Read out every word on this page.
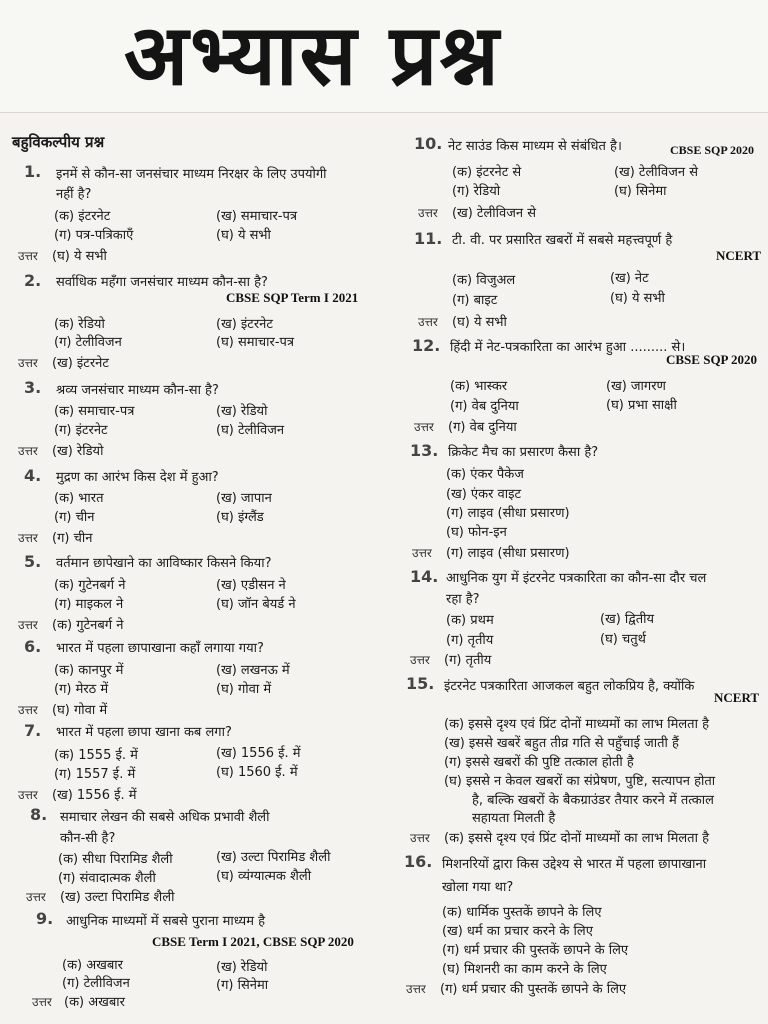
अभ्यास प्रश्न
बहुविकल्पीय प्रश्न
1. इनमें से कौन-सा जनसंचार माध्यम निरक्षर के लिए उपयोगी
नहीं है?
(क) इंटरनेट	(ख) समाचार-पत्र
(ग) पत्र-पत्रिकाएँ	(घ) ये सभी
उत्तर (घ) ये सभी
2. सर्वाधिक महँगा जनसंचार माध्यम कौन-सा है?
CBSE SQP Term I 2021
(क) रेडियो	(ख) इंटरनेट
(ग) टेलीविजन	(घ) समाचार-पत्र
उत्तर (ख) इंटरनेट
3. श्रव्य जनसंचार माध्यम कौन-सा है?
(क) समाचार-पत्र	(ख) रेडियो
(ग) इंटरनेट	(घ) टेलीविजन
उत्तर (ख) रेडियो
4. मुद्रण का आरंभ किस देश में हुआ?
(क) भारत	(ख) जापान
(ग) चीन	(घ) इंग्लैंड
उत्तर (ग) चीन
5. वर्तमान छापेखाने का आविष्कार किसने किया?
(क) गुटेनबर्ग ने	(ख) एडीसन ने
(ग) माइकल ने	(घ) जॉन बेयर्ड ने
उत्तर (क) गुटेनबर्ग ने
6. भारत में पहला छापाखाना कहाँ लगाया गया?
(क) कानपुर में	(ख) लखनऊ में
(ग) मेरठ में	(घ) गोवा में
उत्तर (घ) गोवा में
7. भारत में पहला छापा खाना कब लगा?
(क) 1555 ई. में	(ख) 1556 ई. में
(ग) 1557 ई. में	(घ) 1560 ई. में
उत्तर (ख) 1556 ई. में
8. समाचार लेखन की सबसे अधिक प्रभावी शैली
कौन-सी है?
(क) सीधा पिरामिड शैली	(ख) उल्टा पिरामिड शैली
(ग) संवादात्मक शैली	(घ) व्यंग्यात्मक शैली
उत्तर (ख) उल्टा पिरामिड शैली
9. आधुनिक माध्यमों में सबसे पुराना माध्यम है
CBSE Term I 2021, CBSE SQP 2020
(क) अखबार	(ख) रेडियो
(ग) टेलीविजन	(ग) सिनेमा
उत्तर (क) अखबार
10. नेट साउंड किस माध्यम से संबंधित है।	CBSE SQP 2020
(क) इंटरनेट से	(ख) टेलीविजन से
(ग) रेडियो	(घ) सिनेमा
उत्तर (ख) टेलीविजन से
11. टी. वी. पर प्रसारित खबरों में सबसे महत्त्वपूर्ण है
NCERT
(क) विजुअल	(ख) नेट
(ग) बाइट	(घ) ये सभी
उत्तर (घ) ये सभी
12. हिंदी में नेट-पत्रकारिता का आरंभ हुआ ......... से।
CBSE SQP 2020
(क) भास्कर	(ख) जागरण
(ग) वेब दुनिया	(घ) प्रभा साक्षी
उत्तर (ग) वेब दुनिया
13. क्रिकेट मैच का प्रसारण कैसा है?
(क) एंकर पैकेज
(ख) एंकर वाइट
(ग) लाइव (सीधा प्रसारण)
(घ) फोन-इन
उत्तर (ग) लाइव (सीधा प्रसारण)
14. आधुनिक युग में इंटरनेट पत्रकारिता का कौन-सा दौर चल
रहा है?
(क) प्रथम	(ख) द्वितीय
(ग) तृतीय	(घ) चतुर्थ
उत्तर (ग) तृतीय
15. इंटरनेट पत्रकारिता आजकल बहुत लोकप्रिय है, क्योंकि
NCERT
(क) इससे दृश्य एवं प्रिंट दोनों माध्यमों का लाभ मिलता है
(ख) इससे खबरें बहुत तीव्र गति से पहुँचाई जाती हैं
(ग) इससे खबरों की पुष्टि तत्काल होती है
(घ) इससे न केवल खबरों का संप्रेषण, पुष्टि, सत्यापन होता
है, बल्कि खबरों के बैकग्राउंडर तैयार करने में तत्काल
सहायता मिलती है
उत्तर (क) इससे दृश्य एवं प्रिंट दोनों माध्यमों का लाभ मिलता है
16. मिशनरियों द्वारा किस उद्देश्य से भारत में पहला छापाखाना
खोला गया था?
(क) धार्मिक पुस्तकें छापने के लिए
(ख) धर्म का प्रचार करने के लिए
(ग) धर्म प्रचार की पुस्तकें छापने के लिए
(घ) मिशनरी का काम करने के लिए
उत्तर (ग) धर्म प्रचार की पुस्तकें छापने के लिए
